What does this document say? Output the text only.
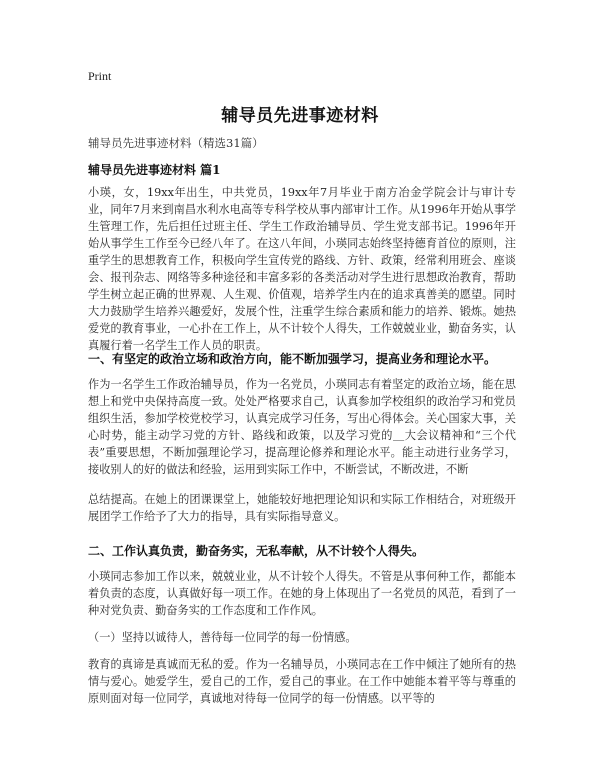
Print
辅导员先进事迹材料
辅导员先进事迹材料（精选31篇）
辅导员先进事迹材料 篇1
小瑛，女，19xx年出生，中共党员，19xx年7月毕业于南方冶金学院会计与审计专业，同年7月来到南昌水利水电高等专科学校从事内部审计工作。从1996年开始从事学生管理工作，先后担任过班主任、学生工作政治辅导员、学生党支部书记。1996年开始从事学生工作至今已经八年了。在这八年间，小瑛同志始终坚持德育首位的原则，注重学生的思想教育工作，积极向学生宣传党的路线、方针、政策，经常利用班会、座谈会、报刊杂志、网络等多种途径和丰富多彩的各类活动对学生进行思想政治教育，帮助学生树立起正确的世界观、人生观、价值观，培养学生内在的追求真善美的愿望。同时大力鼓励学生培养兴趣爱好，发展个性，注重学生综合素质和能力的培养、锻炼。她热爱党的教育事业，一心扑在工作上，从不计较个人得失，工作兢兢业业，勤奋务实，认真履行着一名学生工作人员的职责。
一、有坚定的政治立场和政治方向，能不断加强学习，提高业务和理论水平。
作为一名学生工作政治辅导员，作为一名党员，小瑛同志有着坚定的政治立场，能在思想上和党中央保持高度一致。处处严格要求自己，认真参加学校组织的政治学习和党员组织生活，参加学校党校学习，认真完成学习任务，写出心得体会。关心国家大事，关心时势，能主动学习党的方针、路线和政策，以及学习党的＿大会议精神和“三个代表”重要思想，不断加强理论学习，提高理论修养和理论水平。能主动进行业务学习，接收别人的好的做法和经验，运用到实际工作中，不断尝试，不断改进，不断
总结提高。在她上的团课课堂上，她能较好地把理论知识和实际工作相结合，对班级开展团学工作给予了大力的指导，具有实际指导意义。
二、工作认真负责，勤奋务实，无私奉献，从不计较个人得失。
小瑛同志参加工作以来，兢兢业业，从不计较个人得失。不管是从事何种工作，都能本着负责的态度，认真做好每一项工作。在她的身上体现出了一名党员的风范，看到了一种对党负责、勤奋务实的工作态度和工作作风。
（一）坚持以诚待人，善待每一位同学的每一份情感。
教育的真谛是真诚而无私的爱。作为一名辅导员，小瑛同志在工作中倾注了她所有的热情与爱心。她爱学生，爱自己的工作，爱自己的事业。在工作中她能本着平等与尊重的原则面对每一位同学，真诚地对待每一位同学的每一份情感。以平等的
